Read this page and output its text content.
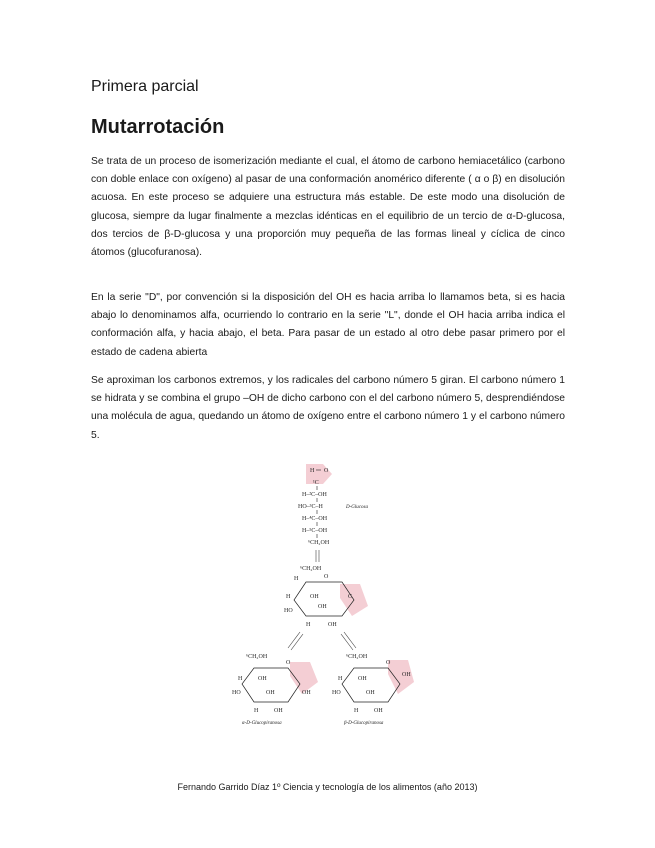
Primera parcial
Mutarrotación

Se trata de un proceso de isomerización mediante el cual, el átomo de carbono hemiacetálico (carbono con doble enlace con oxígeno) al pasar de una conformación anomérico diferente ( α o β) en disolución acuosa. En este proceso se adquiere una estructura más estable. De este modo una disolución de glucosa, siempre da lugar finalmente a mezclas idénticas en el equilibrio de un tercio de α-D-glucosa, dos tercios de β-D-glucosa y una proporción muy pequeña de las formas lineal y cíclica de cinco átomos (glucofuranosa).

En la serie "D", por convención si la disposición del OH es hacia arriba lo llamamos beta, si es hacia abajo lo denominamos alfa, ocurriendo lo contrario en la serie "L", donde el OH hacia arriba indica el conformación alfa, y hacia abajo, el beta. Para pasar de un estado al otro debe pasar primero por el estado de cadena abierta

Se aproximan los carbonos extremos, y los radicales del carbono número 5 giran. El carbono número 1 se hidrata y se combina el grupo –OH de dicho carbono con el del carbono número 5, desprendiéndose una molécula de agua, quedando un átomo de oxígeno entre el carbono número 1 y el carbono número 5.

H O
¹C
H–²C–OH
HO–³C–H
H–⁴C–OH
H–⁵C–OH
⁶CH₂OH
D-Glucosa
⁶CH₂OH
O
H
H	OH
HO
OH
H	OH
C
⁶CH₂OH
O
H	OH
HO	OH	OH
H	OH
α-D-Glucopiranosa
⁶CH₂OH
O
H	OH
HO	OH
OH
H	OH
β-D-Glucopiranosa

Fernando Garrido Díaz 1º Ciencia y tecnología de los alimentos (año 2013)
